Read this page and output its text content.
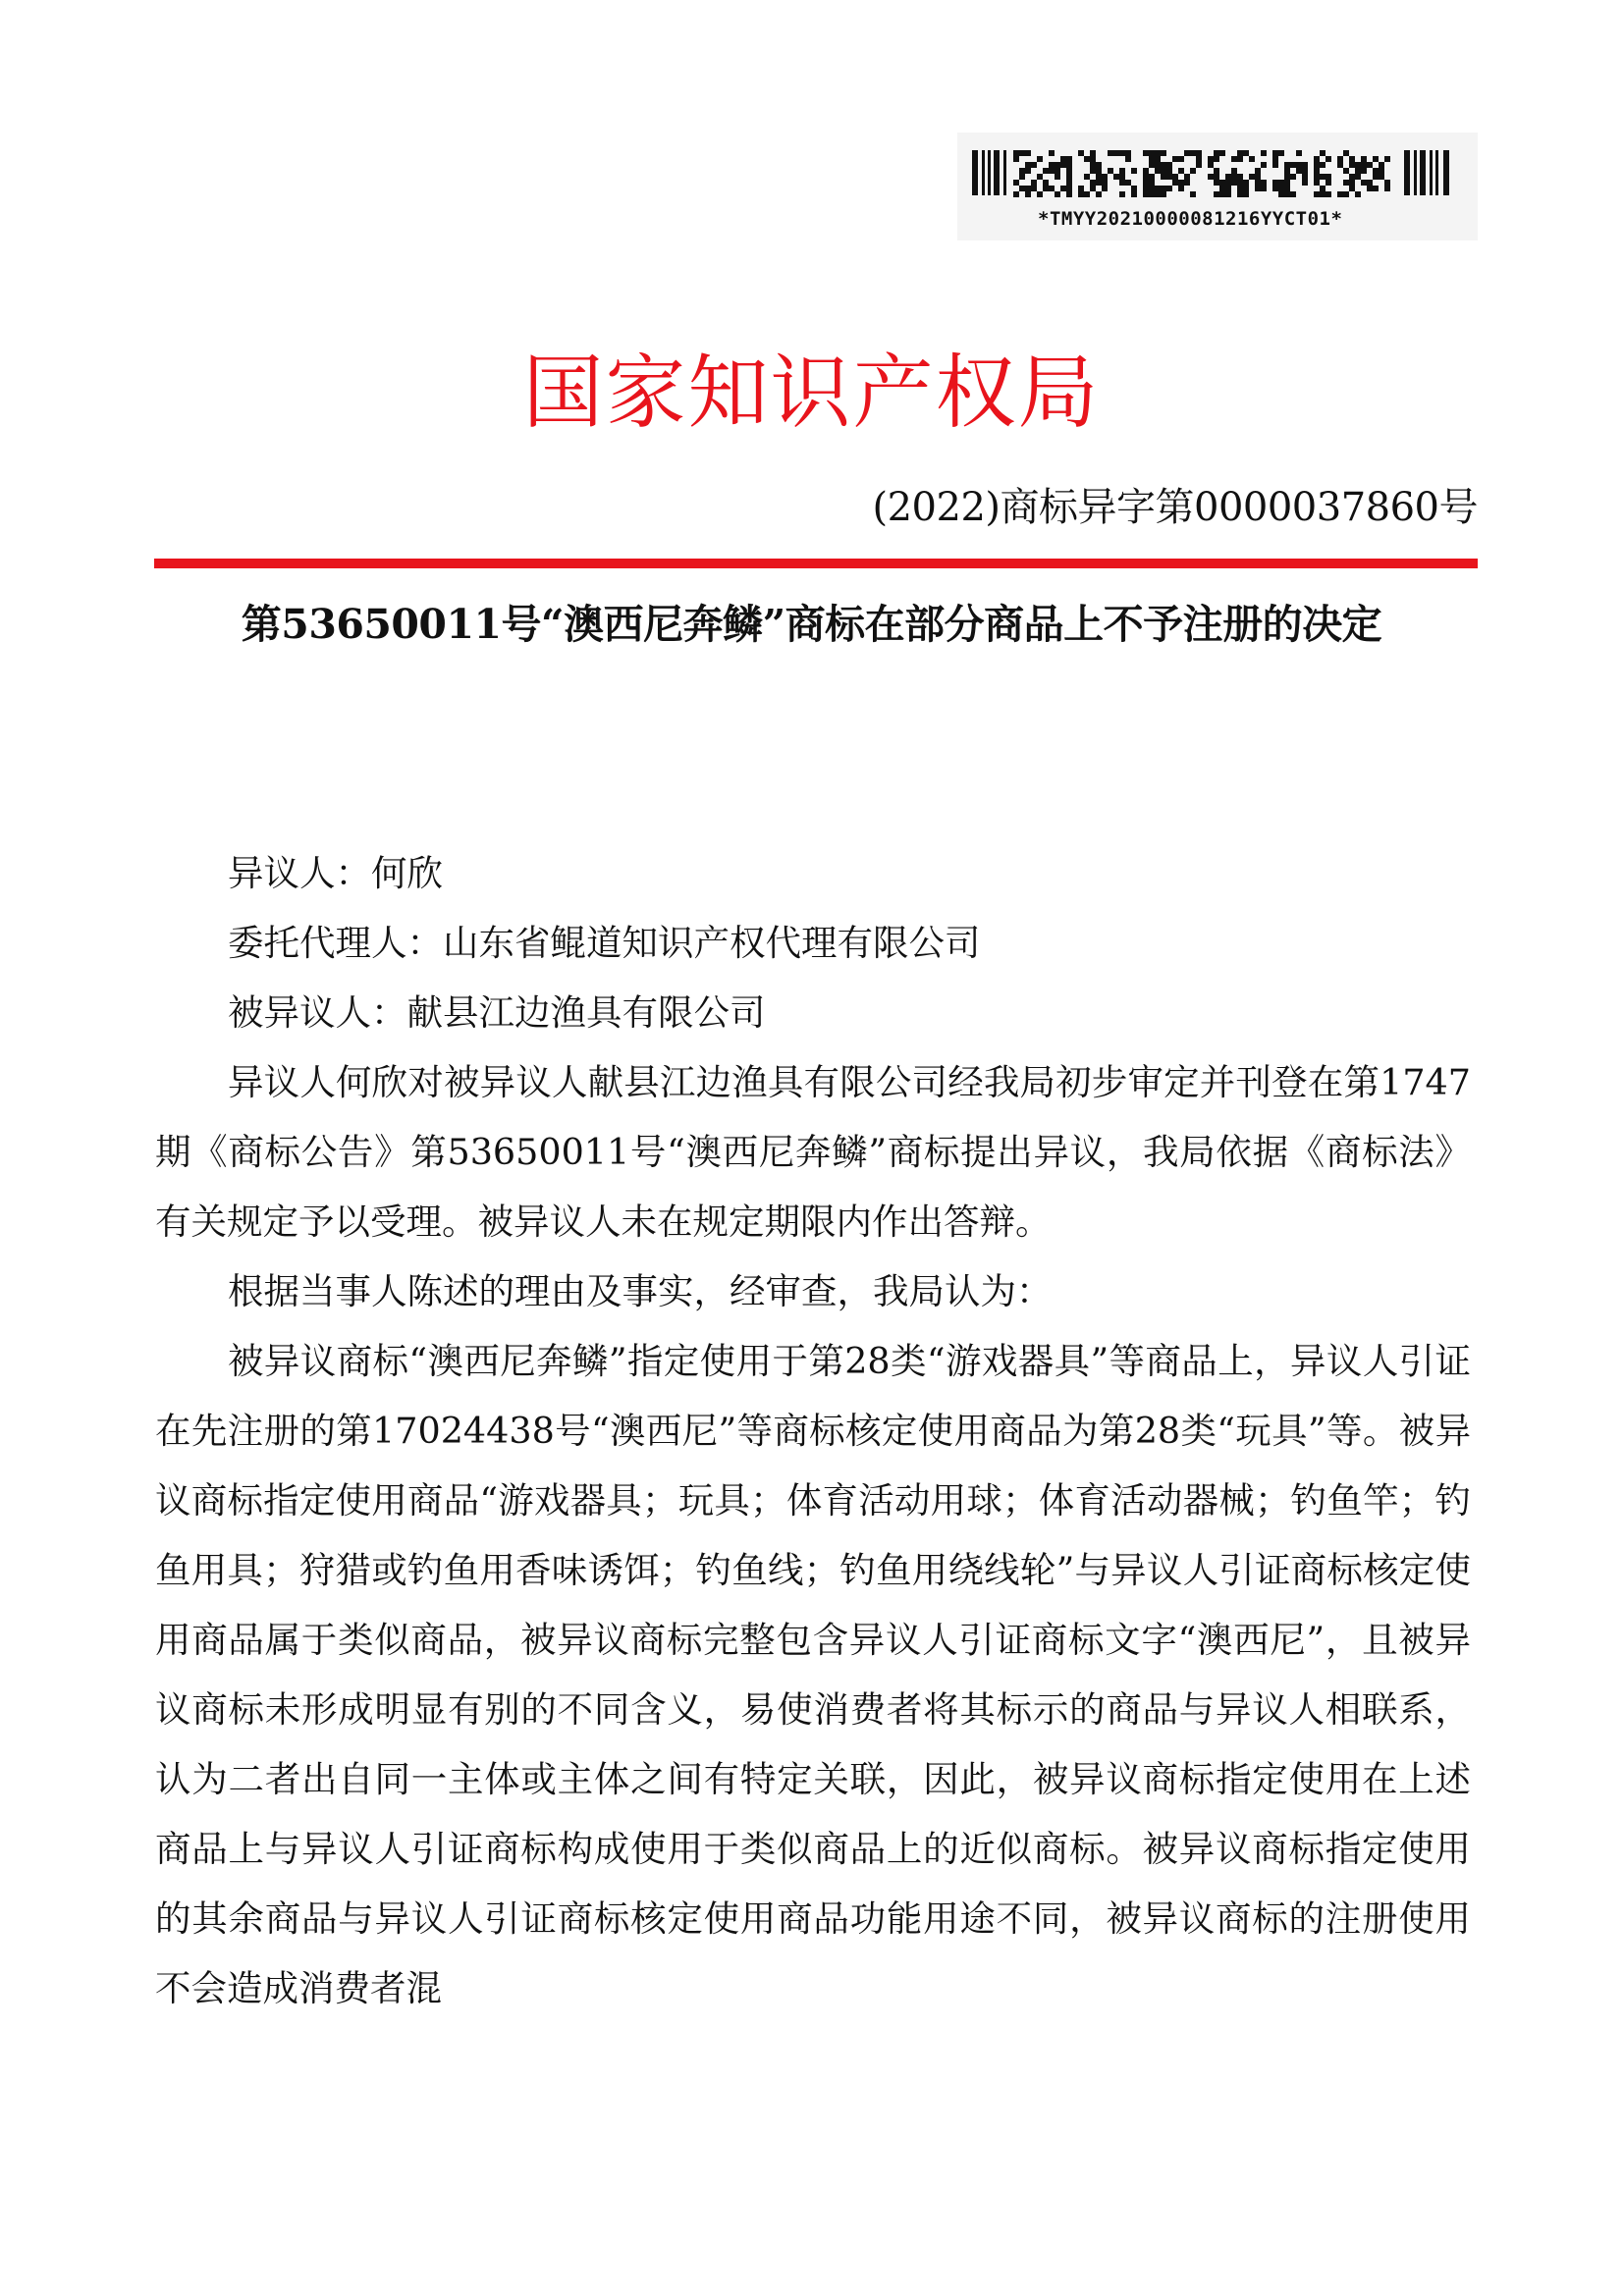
*TMYY20210000081216YYCT01*
国家知识产权局
(2022)商标异字第0000037860号
第53650011号“澳西尼奔鳞”商标在部分商品上不予注册的决定

异议人：何欣

委托代理人：山东省鲲道知识产权代理有限公司

被异议人：献县江边渔具有限公司

异议人何欣对被异议人献县江边渔具有限公司经我局初步审定并刊登在第1747期《商标公告》第53650011号“澳西尼奔鳞”商标提出异议，我局依据《商标法》有关规定予以受理。被异议人未在规定期限内作出答辩。

根据当事人陈述的理由及事实，经审查，我局认为：

被异议商标“澳西尼奔鳞”指定使用于第28类“游戏器具”等商品上，异议人引证在先注册的第17024438号“澳西尼”等商标核定使用商品为第28类“玩具”等。被异议商标指定使用商品“游戏器具；玩具；体育活动用球；体育活动器械；钓鱼竿；钓鱼用具；狩猎或钓鱼用香味诱饵；钓鱼线；钓鱼用绕线轮”与异议人引证商标核定使用商品属于类似商品，被异议商标完整包含异议人引证商标文字“澳西尼”，且被异议商标未形成明显有别的不同含义，易使消费者将其标示的商品与异议人相联系，认为二者出自同一主体或主体之间有特定关联，因此，被异议商标指定使用在上述商品上与异议人引证商标构成使用于类似商品上的近似商标。被异议商标指定使用的其余商品与异议人引证商标核定使用商品功能用途不同，被异议商标的注册使用不会造成消费者混
